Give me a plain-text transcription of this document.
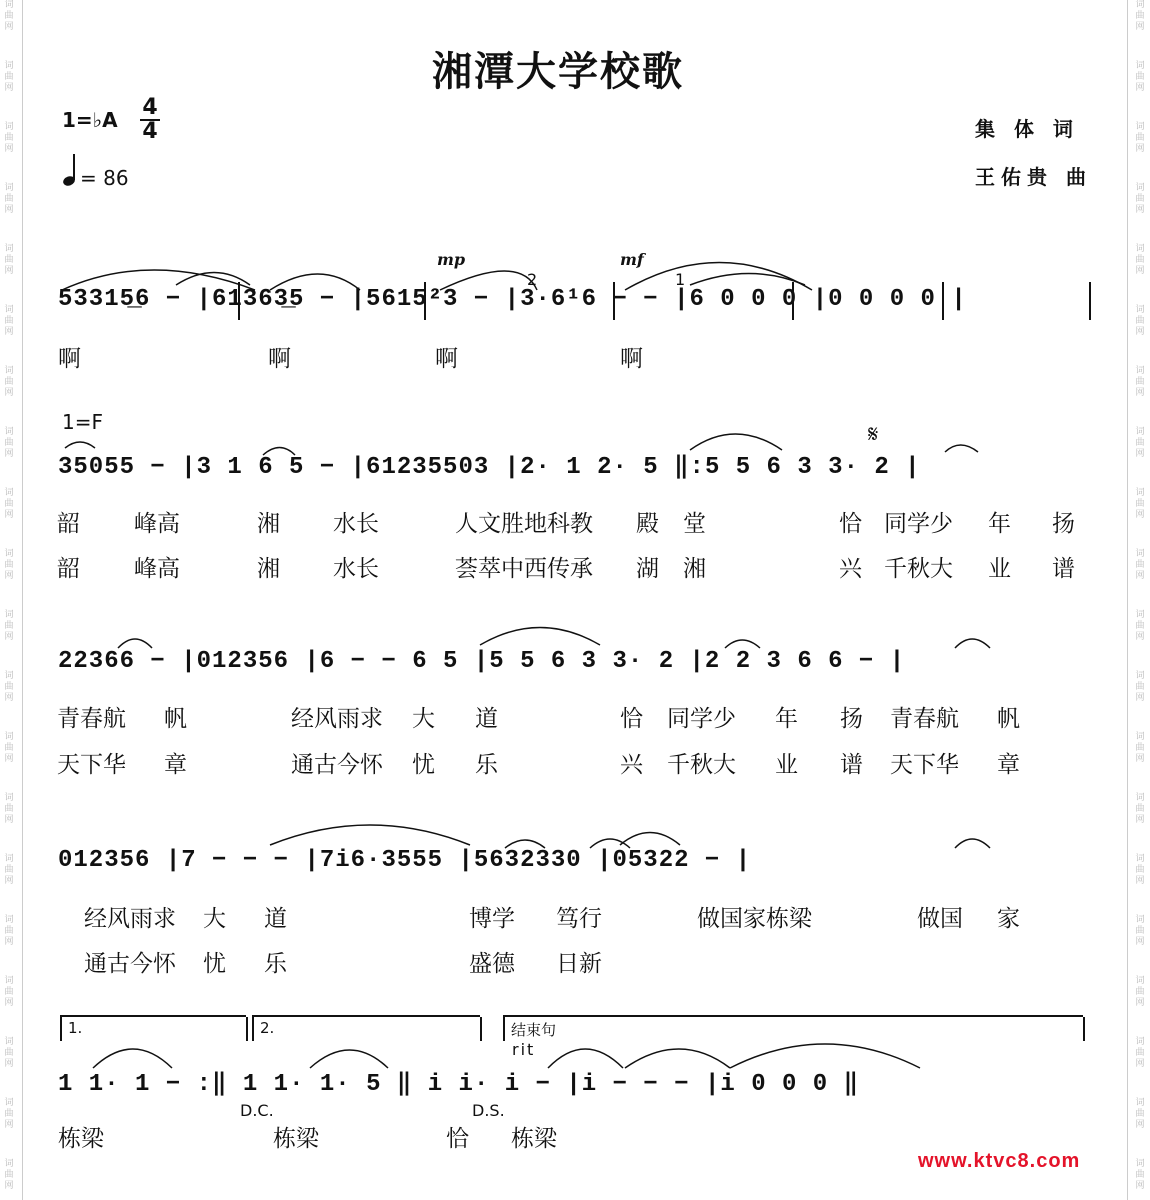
词
曲
网
词
曲
网
词
曲
网
词
曲
网
词
曲
网
词
曲
网
词
曲
网
词
曲
网
词
曲
网
词
曲
网
词
曲
网
词
曲
网
词
曲
网
词
曲
网
词
曲
网
词
曲
网
词
曲
网
词
曲
网
词
曲
网
词
曲
网
词
曲
网
词
曲
网
词
曲
网
词
曲
网
词
曲
网
词
曲
网
词
曲
网
词
曲
网
词
曲
网
词
曲
网
词
曲
网
词
曲
网
词
曲
网
词
曲
网
词
曲
网
词
曲
网
词
曲
网
词
曲
网
词
曲
网
词
曲
网
湘潭大学校歌
1=♭A 4
4
= 86
集 体 词
王佑贵 曲
mp	mf
2	1
53315̲6 − |61363̲5 − |5615²3 − |3·6¹6 − − |6 0 0 0 |0 0 0 0 |
啊	啊	啊	啊
1=F	𝄋
35055 − |3 1 6 5 − |61235503 |2· 1 2· 5 ‖:5 5 6 3 3· 2 |
韶 峰高	湘 水长	人文胜地科教 殿 堂	恰 同学少 年 扬
韶 峰高	湘 水长	荟萃中西传承 湖 湘	兴 千秋大 业 谱
22366 − |012356 |6 − − 6 5 |5 5 6 3 3· 2 |2 2 3 6 6 − |
青春航 帆	经风雨求 大 道	恰 同学少 年 扬 青春航 帆
天下华 章	通古今怀 忧 乐	兴 千秋大 业 谱 天下华 章
012356 |7 − − − |7i6·3555 |5632330 |05322 − |
经风雨求 大 道	博学 笃行	做国家栋梁	做国 家
通古今怀 忧 乐	盛德 日新
1.	2.	结束句
rit
1 1· 1 − :‖ 1 1· 1· 5 ‖ i i· i − |i − − − |i 0 0 0 ‖
D.C.	D.S.
栋梁	栋梁	恰 栋梁
www.ktvc8.com
